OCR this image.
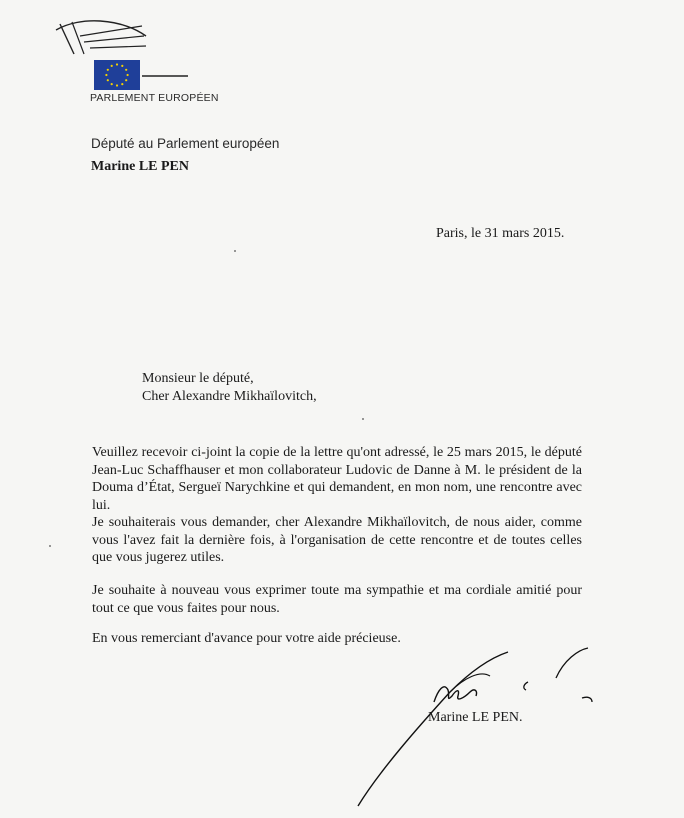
PARLEMENT EUROPÉEN
Député au Parlement européen
Marine LE PEN
Paris, le 31 mars 2015.
Monsieur le député,
Cher Alexandre Mikhaïlovitch,

Veuillez recevoir ci-joint la copie de la lettre qu'ont adressé, le 25 mars 2015, le député Jean-Luc Schaffhauser et mon collaborateur Ludovic de Danne à M. le président de la Douma d’État, Sergueï Narychkine et qui demandent, en mon nom, une rencontre avec lui.

Je souhaiterais vous demander, cher Alexandre Mikhaïlovitch, de nous aider, comme vous l'avez fait la dernière fois, à l'organisation de cette rencontre et de toutes celles que vous jugerez utiles.

Je souhaite à nouveau vous exprimer toute ma sympathie et ma cordiale amitié pour tout ce que vous faites pour nous.

En vous remerciant d'avance pour votre aide précieuse.

Marine LE PEN.
